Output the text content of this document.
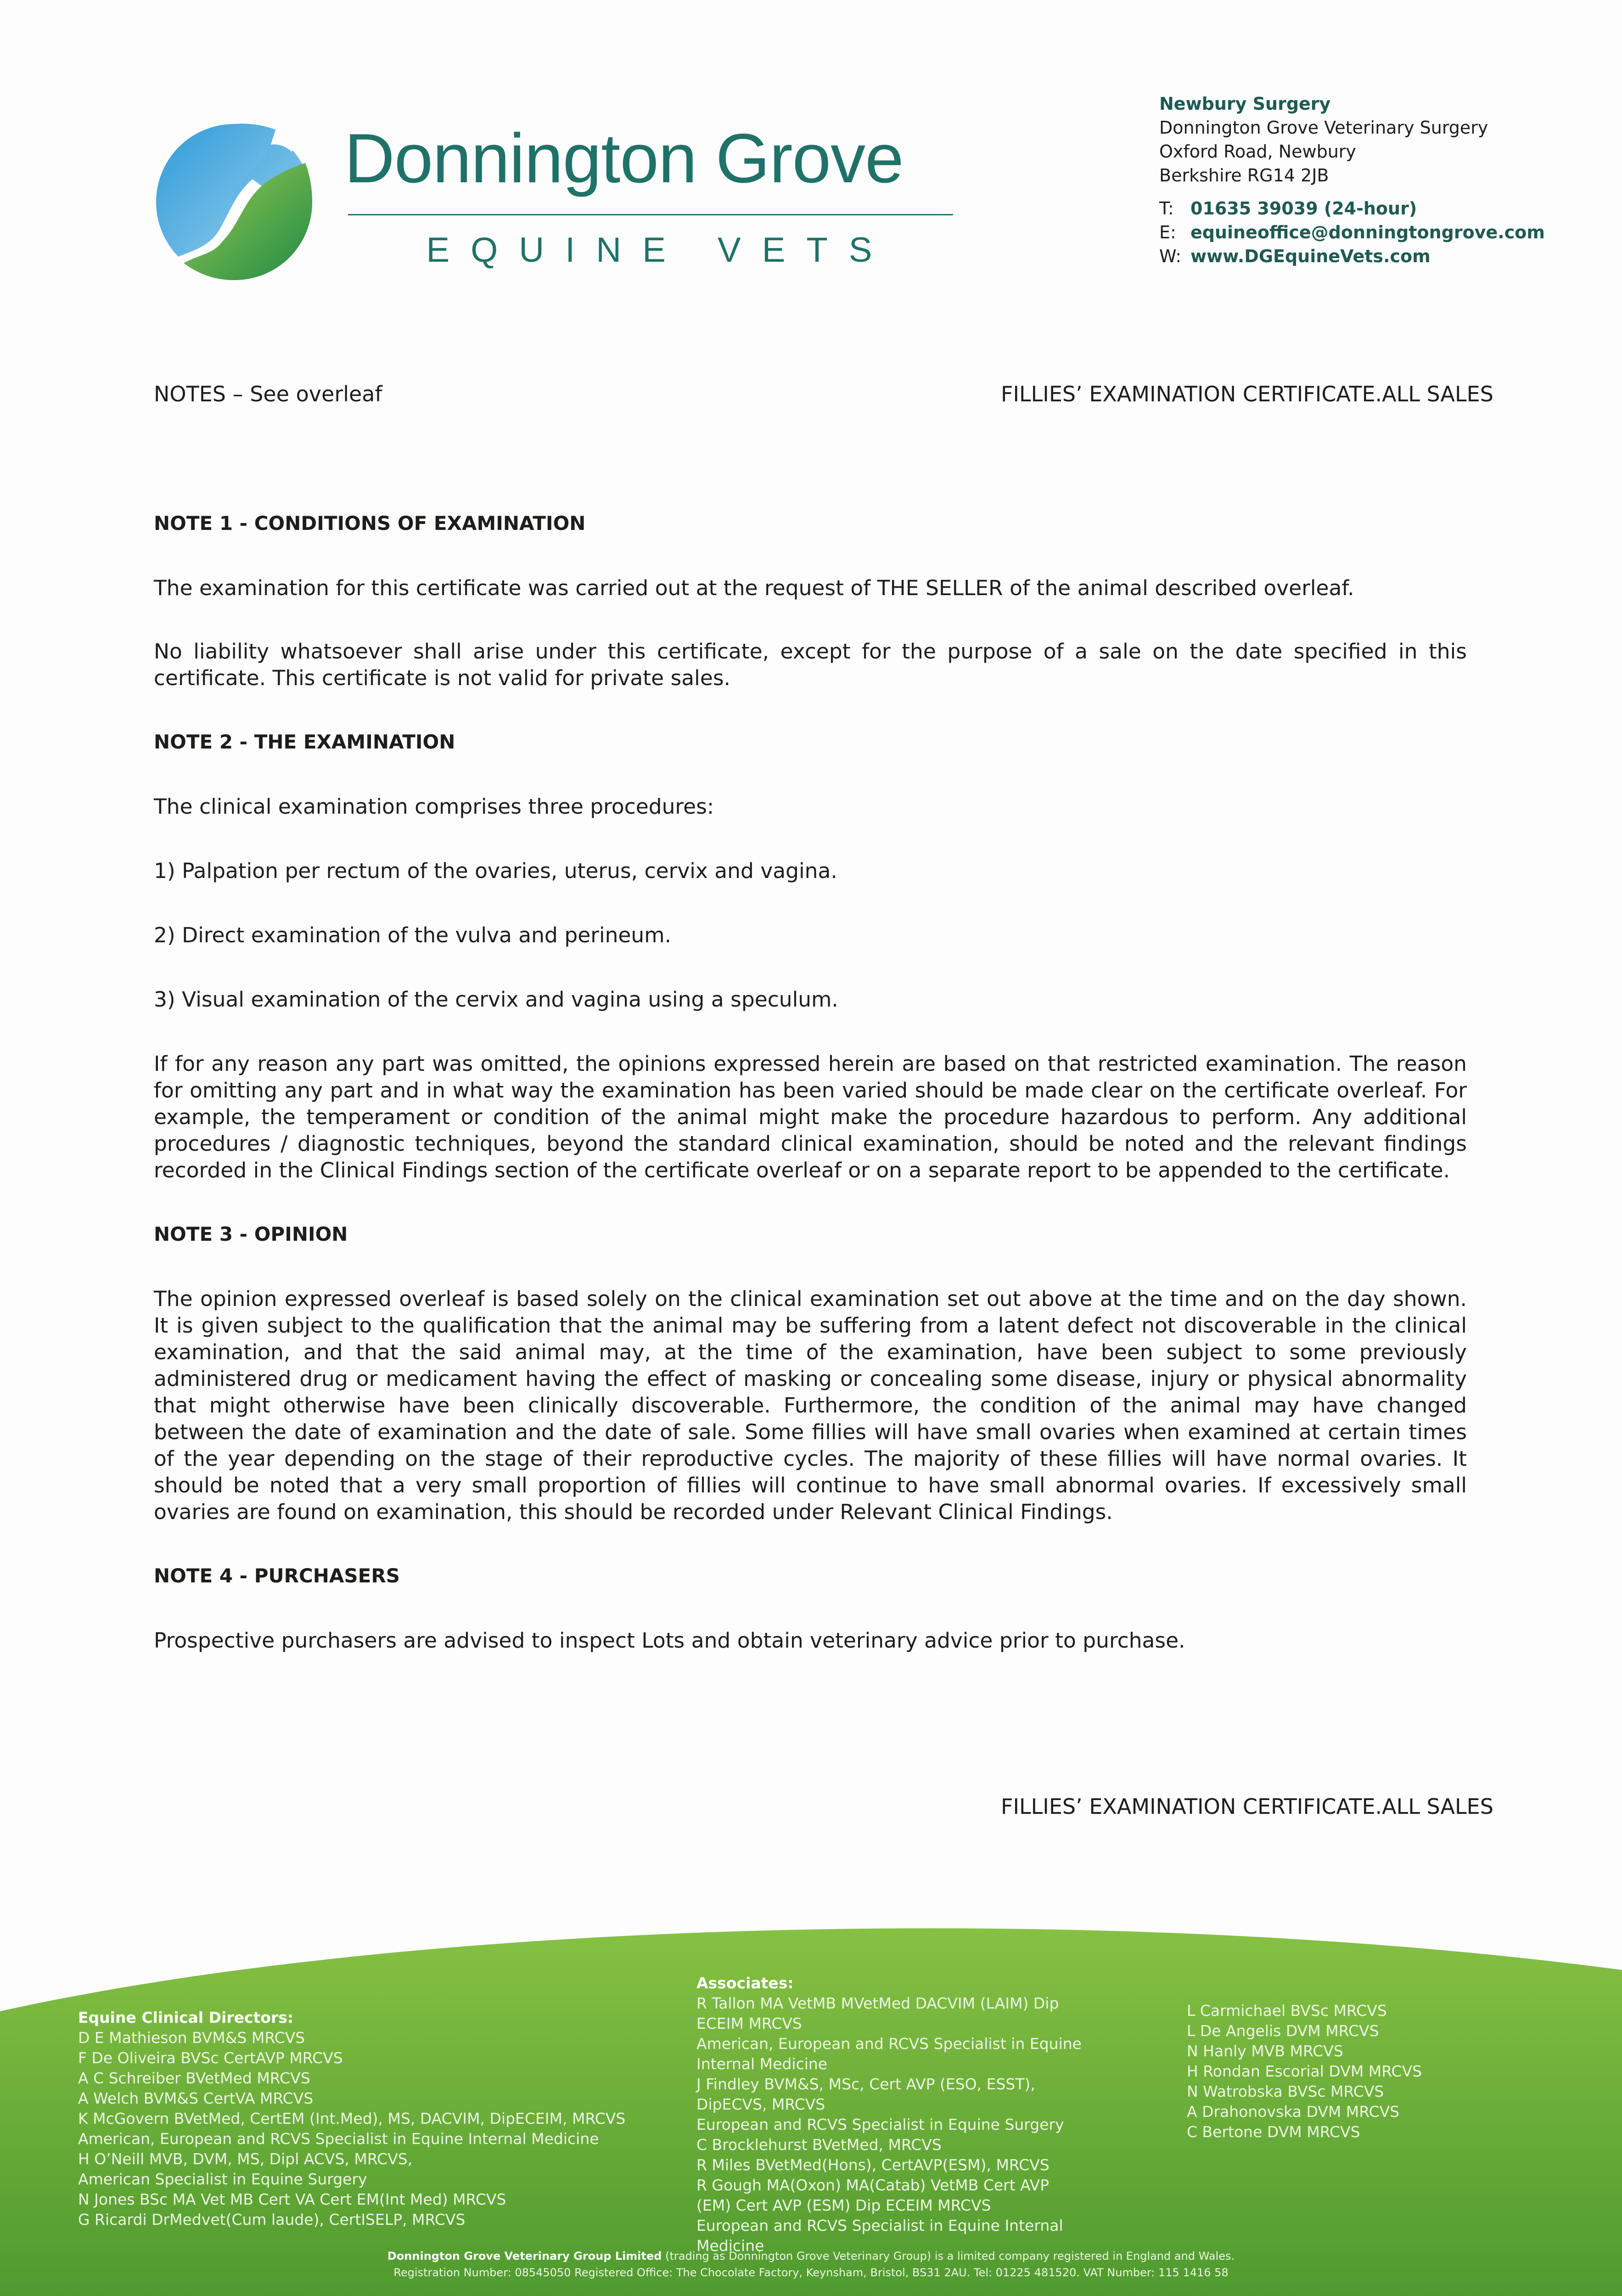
Donnington Grove
EQUINE VETS
Newbury Surgery
Donnington Grove Veterinary Surgery
Oxford Road, Newbury
Berkshire RG14 2JB
T: 01635 39039 (24-hour)
E: equineoffice@donningtongrove.com
W: www.DGEquineVets.com
NOTES – See overleaf	FILLIES’ EXAMINATION CERTIFICATE.ALL SALES
NOTE 1 - CONDITIONS OF EXAMINATION

The examination for this certificate was carried out at the request of THE SELLER of the animal described overleaf.

No liability whatsoever shall arise under this certificate, except for the purpose of a sale on the date specified in this certificate. This certificate is not valid for private sales.

NOTE 2 - THE EXAMINATION

The clinical examination comprises three procedures:

1) Palpation per rectum of the ovaries, uterus, cervix and vagina.

2) Direct examination of the vulva and perineum.

3) Visual examination of the cervix and vagina using a speculum.

If for any reason any part was omitted, the opinions expressed herein are based on that restricted examination. The reason for omitting any part and in what way the examination has been varied should be made clear on the certificate overleaf. For example, the temperament or condition of the animal might make the procedure hazardous to perform. Any additional procedures / diagnostic techniques, beyond the standard clinical examination, should be noted and the relevant findings recorded in the Clinical Findings section of the certificate overleaf or on a separate report to be appended to the certificate.

NOTE 3 - OPINION

The opinion expressed overleaf is based solely on the clinical examination set out above at the time and on the day shown. It is given subject to the qualification that the animal may be suffering from a latent defect not discoverable in the clinical examination, and that the said animal may, at the time of the examination, have been subject to some previously administered drug or medicament having the effect of masking or concealing some disease, injury or physical abnormality that might otherwise have been clinically discoverable. Furthermore, the condition of the animal may have changed between the date of examination and the date of sale. Some fillies will have small ovaries when examined at certain times of the year depending on the stage of their reproductive cycles. The majority of these fillies will have normal ovaries. It should be noted that a very small proportion of fillies will continue to have small abnormal ovaries. If excessively small ovaries are found on examination, this should be recorded under Relevant Clinical Findings.

NOTE 4 - PURCHASERS

Prospective purchasers are advised to inspect Lots and obtain veterinary advice prior to purchase.

FILLIES’ EXAMINATION CERTIFICATE.ALL SALES
Equine Clinical Directors:
D E Mathieson BVM&S MRCVS
F De Oliveira BVSc CertAVP MRCVS
A C Schreiber BVetMed MRCVS
A Welch BVM&S CertVA MRCVS
K McGovern BVetMed, CertEM (Int.Med), MS, DACVIM, DipECEIM, MRCVS
American, European and RCVS Specialist in Equine Internal Medicine
H O’Neill MVB, DVM, MS, Dipl ACVS, MRCVS,
American Specialist in Equine Surgery
N Jones BSc MA Vet MB Cert VA Cert EM(Int Med) MRCVS
G Ricardi DrMedvet(Cum laude), CertISELP, MRCVS
Associates:
R Tallon MA VetMB MVetMed DACVIM (LAIM) Dip
ECEIM MRCVS
American, European and RCVS Specialist in Equine
Internal Medicine
J Findley BVM&S, MSc, Cert AVP (ESO, ESST),
DipECVS, MRCVS
European and RCVS Specialist in Equine Surgery
C Brocklehurst BVetMed, MRCVS
R Miles BVetMed(Hons), CertAVP(ESM), MRCVS
R Gough MA(Oxon) MA(Catab) VetMB Cert AVP
(EM) Cert AVP (ESM) Dip ECEIM MRCVS
European and RCVS Specialist in Equine Internal
Medicine
L Carmichael BVSc MRCVS
L De Angelis DVM MRCVS
N Hanly MVB MRCVS
H Rondan Escorial DVM MRCVS
N Watrobska BVSc MRCVS
A Drahonovska DVM MRCVS
C Bertone DVM MRCVS
Donnington Grove Veterinary Group Limited (trading as Donnington Grove Veterinary Group) is a limited company registered in England and Wales.
Registration Number: 08545050 Registered Office: The Chocolate Factory, Keynsham, Bristol, BS31 2AU. Tel: 01225 481520. VAT Number: 115 1416 58
